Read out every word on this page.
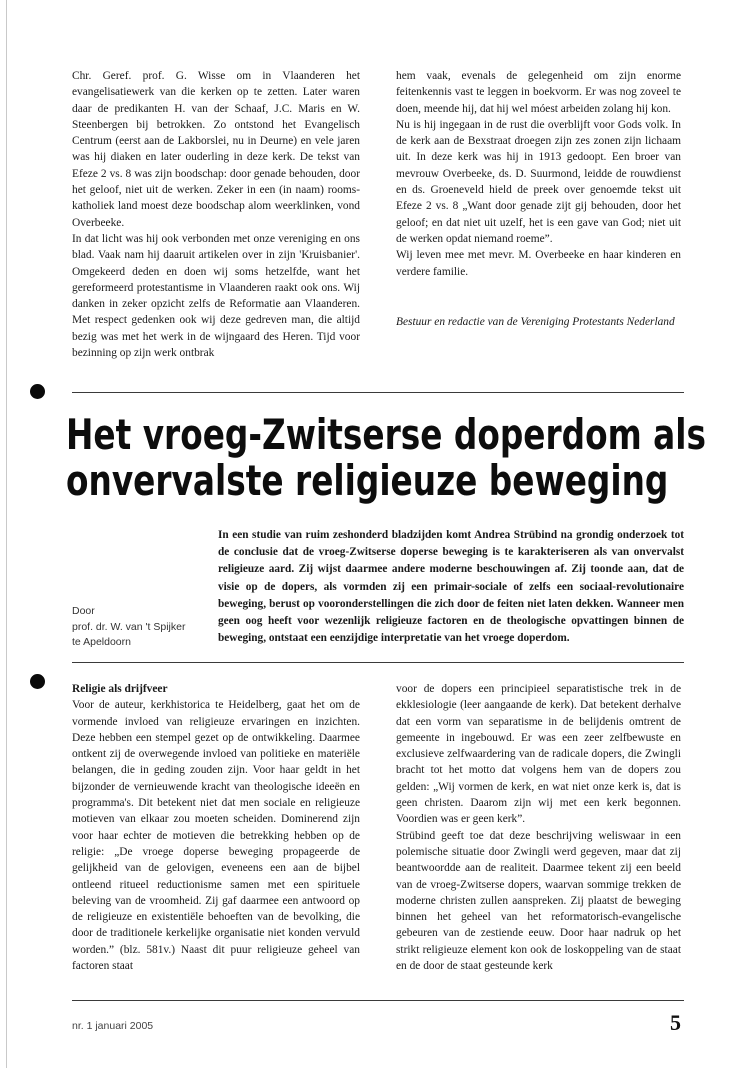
Chr. Geref. prof. G. Wisse om in Vlaanderen het evangelisatiewerk van die kerken op te zetten. Later waren daar de predikanten H. van der Schaaf, J.C. Maris en W. Steenbergen bij betrokken. Zo ontstond het Evangelisch Centrum (eerst aan de Lakborslei, nu in Deurne) en vele jaren was hij diaken en later ouderling in deze kerk. De tekst van Efeze 2 vs. 8 was zijn boodschap: door genade behouden, door het geloof, niet uit de werken. Zeker in een (in naam) rooms-katholiek land moest deze boodschap alom weerklinken, vond Overbeeke.

In dat licht was hij ook verbonden met onze vereniging en ons blad. Vaak nam hij daaruit artikelen over in zijn 'Kruisbanier'. Omgekeerd deden en doen wij soms hetzelfde, want het gereformeerd protestantisme in Vlaanderen raakt ook ons. Wij danken in zeker opzicht zelfs de Reformatie aan Vlaanderen. Met respect gedenken ook wij deze gedreven man, die altijd bezig was met het werk in de wijngaard des Heren. Tijd voor bezinning op zijn werk ontbrak

hem vaak, evenals de gelegenheid om zijn enorme feitenkennis vast te leggen in boekvorm. Er was nog zoveel te doen, meende hij, dat hij wel móest arbeiden zolang hij kon.

Nu is hij ingegaan in de rust die overblijft voor Gods volk. In de kerk aan de Bexstraat droegen zijn zes zonen zijn lichaam uit. In deze kerk was hij in 1913 gedoopt. Een broer van mevrouw Overbeeke, ds. D. Suurmond, leidde de rouwdienst en ds. Groeneveld hield de preek over genoemde tekst uit Efeze 2 vs. 8 „Want door genade zijt gij behouden, door het geloof; en dat niet uit uzelf, het is een gave van God; niet uit de werken opdat niemand roeme”.

Wij leven mee met mevr. M. Overbeeke en haar kinderen en verdere familie.

Bestuur en redactie van de Vereniging Protestants Nederland

Het vroeg-Zwitserse doperdom als
onvervalste religieuze beweging
In een studie van ruim zeshonderd bladzijden komt Andrea Strübind na grondig onderzoek tot de conclusie dat de vroeg-Zwitserse doperse beweging is te karakteriseren als van onvervalst religieuze aard. Zij wijst daarmee andere moderne beschouwingen af. Zij toonde aan, dat de visie op de dopers, als vormden zij een primair-sociale of zelfs een sociaal-revolutionaire beweging, berust op vooronderstellingen die zich door de feiten niet laten dekken. Wanneer men geen oog heeft voor wezenlijk religieuze factoren en de theologische opvattingen binnen de beweging, ontstaat een eenzijdige interpretatie van het vroege doperdom.
Door
prof. dr. W. van 't Spijker
te Apeldoorn

Religie als drijfveer

Voor de auteur, kerkhistorica te Heidelberg, gaat het om de vormende invloed van religieuze ervaringen en inzichten. Deze hebben een stempel gezet op de ontwikkeling. Daarmee ontkent zij de overwegende invloed van politieke en materiële belangen, die in geding zouden zijn. Voor haar geldt in het bijzonder de vernieuwende kracht van theologische ideeën en programma's. Dit betekent niet dat men sociale en religieuze motieven van elkaar zou moeten scheiden. Dominerend zijn voor haar echter de motieven die betrekking hebben op de religie: „De vroege doperse beweging propageerde de gelijkheid van de gelovigen, eveneens een aan de bijbel ontleend ritueel reductionisme samen met een spirituele beleving van de vroomheid. Zij gaf daarmee een antwoord op de religieuze en existentiële behoeften van de bevolking, die door de traditionele kerkelijke organisatie niet konden vervuld worden.” (blz. 581v.) Naast dit puur religieuze geheel van factoren staat

voor de dopers een principieel separatistische trek in de ekklesiologie (leer aangaande de kerk). Dat betekent derhalve dat een vorm van separatisme in de belijdenis omtrent de gemeente in ingebouwd. Er was een zeer zelfbewuste en exclusieve zelfwaardering van de radicale dopers, die Zwingli bracht tot het motto dat volgens hem van de dopers zou gelden: „Wij vormen de kerk, en wat niet onze kerk is, dat is geen christen. Daarom zijn wij met een kerk begonnen. Voordien was er geen kerk”.

Strübind geeft toe dat deze beschrijving weliswaar in een polemische situatie door Zwingli werd gegeven, maar dat zij beantwoordde aan de realiteit. Daarmee tekent zij een beeld van de vroeg-Zwitserse dopers, waarvan sommige trekken de moderne christen zullen aanspreken. Zij plaatst de beweging binnen het geheel van het reformatorisch-evangelische gebeuren van de zestiende eeuw. Door haar nadruk op het strikt religieuze element kon ook de loskoppeling van de staat en de door de staat gesteunde kerk

nr. 1 januari 2005	5
